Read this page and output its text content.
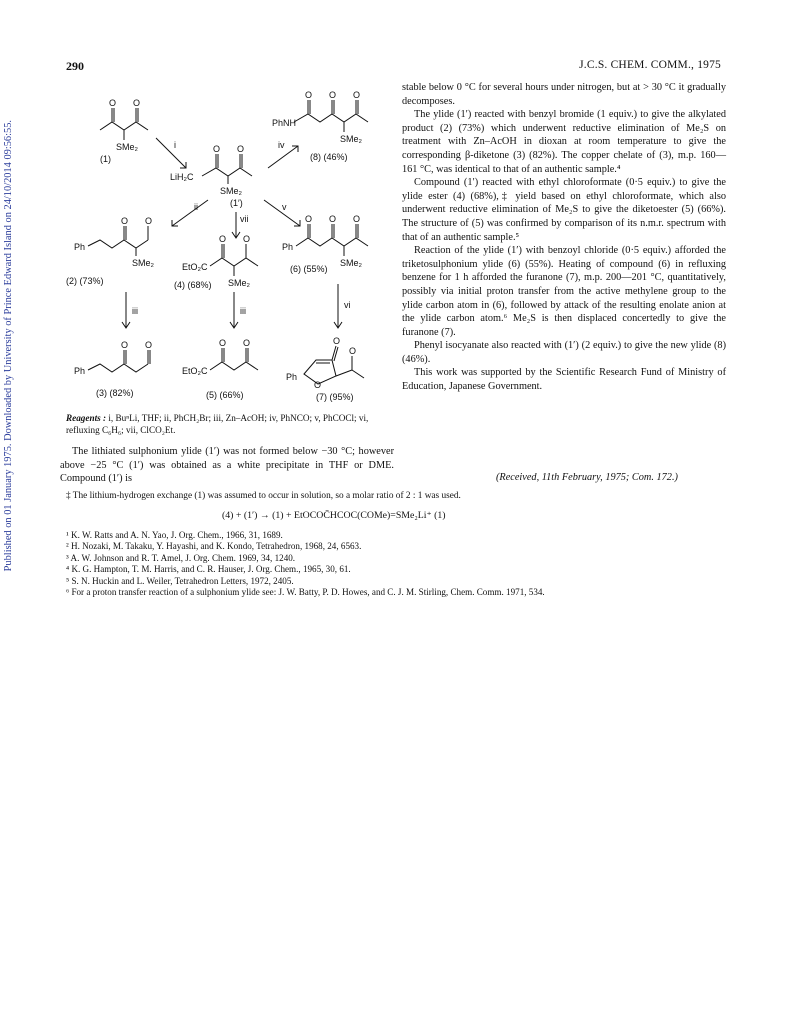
Published on 01 January 1975. Downloaded by University of Prince Edward Island on 24/10/2014 09:56:55.
290	J.C.S. CHEM. COMM., 1975
O O
SMe₂
(1)
i
LiH₂C
O O
SMe₂
(1′)
iv
PhNH
O O O
SMe₂
(8) (46%)
ii
vii
v
Ph
O O
SMe₂
(2) (73%)
EtO₂C
O O
SMe₂
(4) (68%)
Ph
O O O
SMe₂
(6) (55%)
iii	iii
vi
Ph
O O
(3) (82%)
EtO₂C
O O
(5) (66%)
Ph
O
O
O
(7) (95%)
Reagents : i, BuⁿLi, THF; ii, PhCH₂Br; iii, Zn–AcOH; iv, PhNCO; v, PhCOCl; vi, refluxing C₆H₆; vii, ClCO₂Et.

The lithiated sulphonium ylide (1′) was not formed below −30 °C; however above −25 °C (1′) was obtained as a white precipitate in THF or DME. Compound (1′) is

stable below 0 °C for several hours under nitrogen, but at > 30 °C it gradually decomposes.

The ylide (1′) reacted with benzyl bromide (1 equiv.) to give the alkylated product (2) (73%) which underwent reductive elimination of Me₂S on treatment with Zn–AcOH in dioxan at room temperature to give the corresponding β-diketone (3) (82%). The copper chelate of (3), m.p. 160—161 °C, was identical to that of an authentic sample.⁴

Compound (1′) reacted with ethyl chloroformate (0·5 equiv.) to give the ylide ester (4) (68%),‡ yield based on ethyl chloroformate, which also underwent reductive elimination of Me₂S to give the diketoester (5) (66%). The structure of (5) was confirmed by comparison of its n.m.r. spectrum with that of an authentic sample.⁵

Reaction of the ylide (1′) with benzoyl chloride (0·5 equiv.) afforded the triketosulphonium ylide (6) (55%). Heating of compound (6) in refluxing benzene for 1 h afforded the furanone (7), m.p. 200—201 °C, quantitatively, possibly via initial proton transfer from the active methylene group to the ylide carbon atom in (6), followed by attack of the resulting enolate anion at the ylide carbon atom.⁶ Me₂S is then displaced concertedly to give the furanone (7).

Phenyl isocyanate also reacted with (1′) (2 equiv.) to give the new ylide (8) (46%).

This work was supported by the Scientific Research Fund of Ministry of Education, Japanese Government.

(Received, 11th February, 1975; Com. 172.)
‡ The lithium-hydrogen exchange (1) was assumed to occur in solution, so a molar ratio of 2 : 1 was used.
(4) + (1′) → (1) + EtOCOC̄HCOC(COMe)=SMe₂Li⁺ (1)
¹ K. W. Ratts and A. N. Yao, J. Org. Chem., 1966, 31, 1689.
² H. Nozaki, M. Takaku, Y. Hayashi, and K. Kondo, Tetrahedron, 1968, 24, 6563.
³ A. W. Johnson and R. T. Amel, J. Org. Chem. 1969, 34, 1240.
⁴ K. G. Hampton, T. M. Harris, and C. R. Hauser, J. Org. Chem., 1965, 30, 61.
⁵ S. N. Huckin and L. Weiler, Tetrahedron Letters, 1972, 2405.
⁶ For a proton transfer reaction of a sulphonium ylide see: J. W. Batty, P. D. Howes, and C. J. M. Stirling, Chem. Comm. 1971, 534.
